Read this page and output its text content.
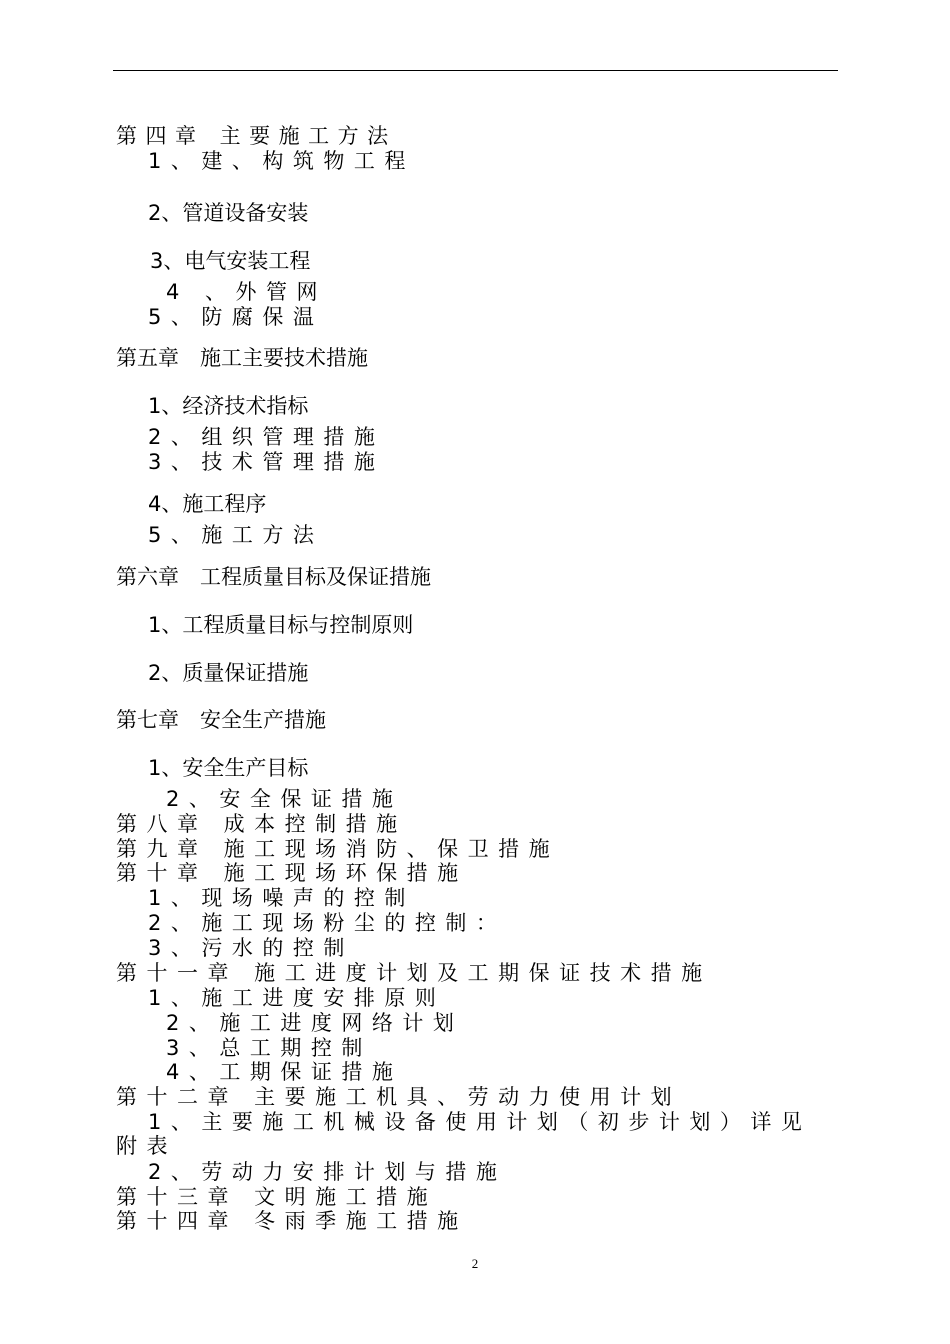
第四章 主要施工方法
1、建、构筑物工程
2、管道设备安装
3、电气安装工程
4 、外管网
5、防腐保温
第五章　施工主要技术措施
1、经济技术指标
2、组织管理措施
3、技术管理措施
4、施工程序
5、施工方法
第六章　工程质量目标及保证措施
1、工程质量目标与控制原则
2、质量保证措施
第七章　安全生产措施
1、安全生产目标
2、安全保证措施
第八章 成本控制措施
第九章 施工现场消防、保卫措施
第十章 施工现场环保措施
1、现场噪声的控制
2、施工现场粉尘的控制：
3、污水的控制
第十一章 施工进度计划及工期保证技术措施
1、施工进度安排原则
2、施工进度网络计划
3、总工期控制
4、工期保证措施
第十二章 主要施工机具、劳动力使用计划
1、主要施工机械设备使用计划（初步计划）详见附表
2、劳动力安排计划与措施
第十三章 文明施工措施
第十四章 冬雨季施工措施
2
